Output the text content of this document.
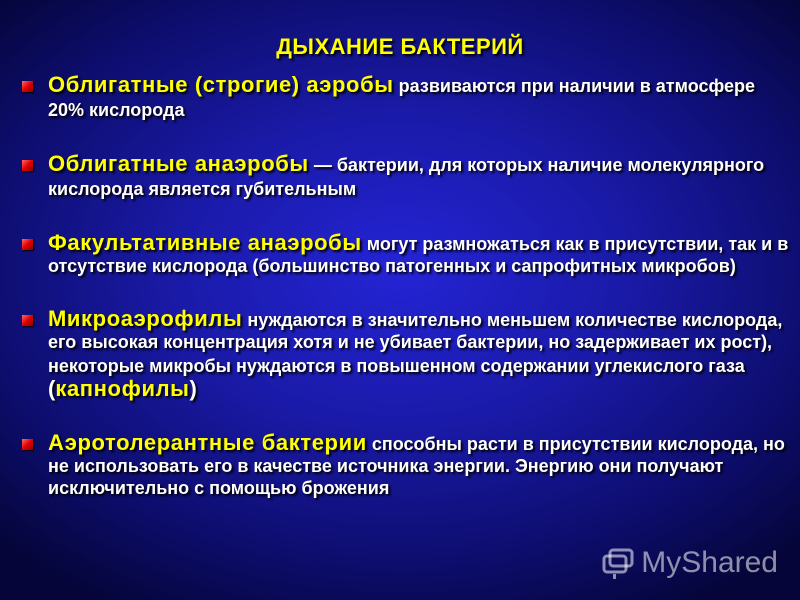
ДЫХАНИЕ БАКТЕРИЙ
Облигатные (строгие) аэробы развиваются при наличии в атмосфере 20% кислорода
Облигатные анаэробы — бактерии, для которых наличие молекулярного кислорода является губительным
Факультативные анаэробы могут размножаться как в присутствии, так и в отсутствие кислорода (большинство патогенных и сапрофитных микробов)
Микроаэрофилы нуждаются в значительно меньшем количестве кислорода, его высокая концентрация хотя и не убивает бактерии, но задерживает их рост), некоторые микробы нуждаются в повышенном содержании углекислого газа (капнофилы)
Аэротолерантные бактерии способны расти в присутствии кислорода, но не использовать его в качестве источника энергии. Энергию они получают исключительно с помощью брожения
MyShared
